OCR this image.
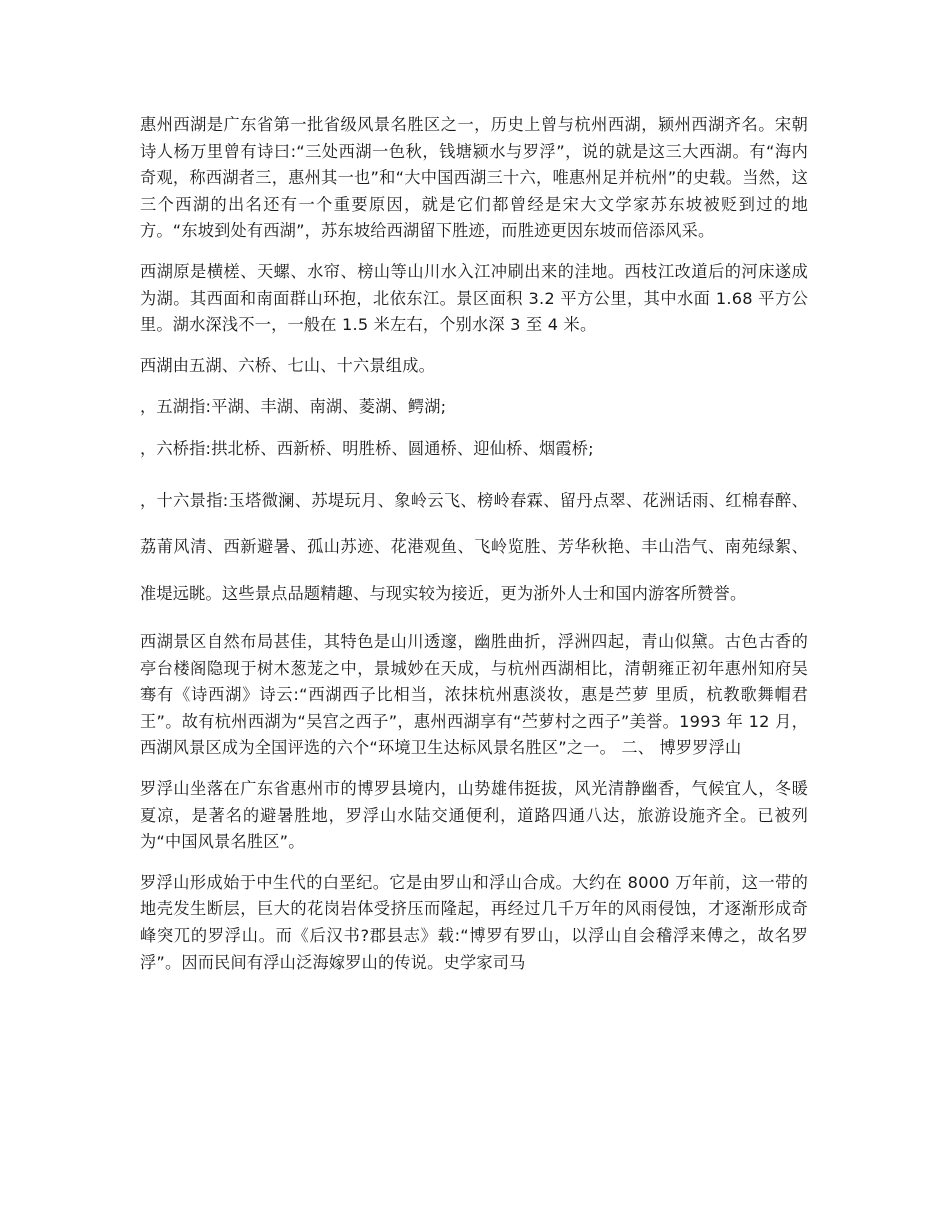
惠州西湖是广东省第一批省级风景名胜区之一，历史上曾与杭州西湖，颍州西湖齐名。宋朝诗人杨万里曾有诗曰:“三处西湖一色秋，钱塘颍水与罗浮”，说的就是这三大西湖。有“海内奇观，称西湖者三，惠州其一也”和“大中国西湖三十六，唯惠州足并杭州”的史载。当然，这三个西湖的出名还有一个重要原因，就是它们都曾经是宋大文学家苏东坡被贬到过的地方。“东坡到处有西湖”，苏东坡给西湖留下胜迹，而胜迹更因东坡而倍添风采。

西湖原是横槎、天螺、水帘、榜山等山川水入江冲刷出来的洼地。西枝江改道后的河床遂成为湖。其西面和南面群山环抱，北依东江。景区面积 3.2 平方公里，其中水面 1.68 平方公里。湖水深浅不一，一般在 1.5 米左右，个别水深 3 至 4 米。

西湖由五湖、六桥、七山、十六景组成。

，五湖指:平湖、丰湖、南湖、菱湖、鳄湖;

，六桥指:拱北桥、西新桥、明胜桥、圆通桥、迎仙桥、烟霞桥;

，十六景指:玉塔微澜、苏堤玩月、象岭云飞、榜岭春霖、留丹点翠、花洲话雨、红棉春醉、荔莆风清、西新避暑、孤山苏迹、花港观鱼、飞岭览胜、芳华秋艳、丰山浩气、南苑绿絮、准堤远眺。这些景点品题精趣、与现实较为接近，更为浙外人士和国内游客所赞誉。

西湖景区自然布局甚佳，其特色是山川透邃，幽胜曲折，浮洲四起，青山似黛。古色古香的亭台楼阁隐现于树木葱茏之中，景城妙在天成，与杭州西湖相比，清朝雍正初年惠州知府吴骞有《诗西湖》诗云:“西湖西子比相当，浓抹杭州惠淡妆，惠是苎萝 里质，杭教歌舞帽君王”。故有杭州西湖为“吴宫之西子”，惠州西湖享有“苎萝村之西子”美誉。1993 年 12 月，西湖风景区成为全国评选的六个“环境卫生达标风景名胜区”之一。 二、 博罗罗浮山

罗浮山坐落在广东省惠州市的博罗县境内，山势雄伟挺拔，风光清静幽香，气候宜人，冬暖夏凉，是著名的避暑胜地，罗浮山水陆交通便利，道路四通八达，旅游设施齐全。已被列为“中国风景名胜区”。

罗浮山形成始于中生代的白垩纪。它是由罗山和浮山合成。大约在 8000 万年前，这一带的地壳发生断层，巨大的花岗岩体受挤压而隆起，再经过几千万年的风雨侵蚀，才逐渐形成奇峰突兀的罗浮山。而《后汉书?郡县志》载:“博罗有罗山，以浮山自会稽浮来傅之，故名罗浮”。因而民间有浮山泛海嫁罗山的传说。史学家司马
